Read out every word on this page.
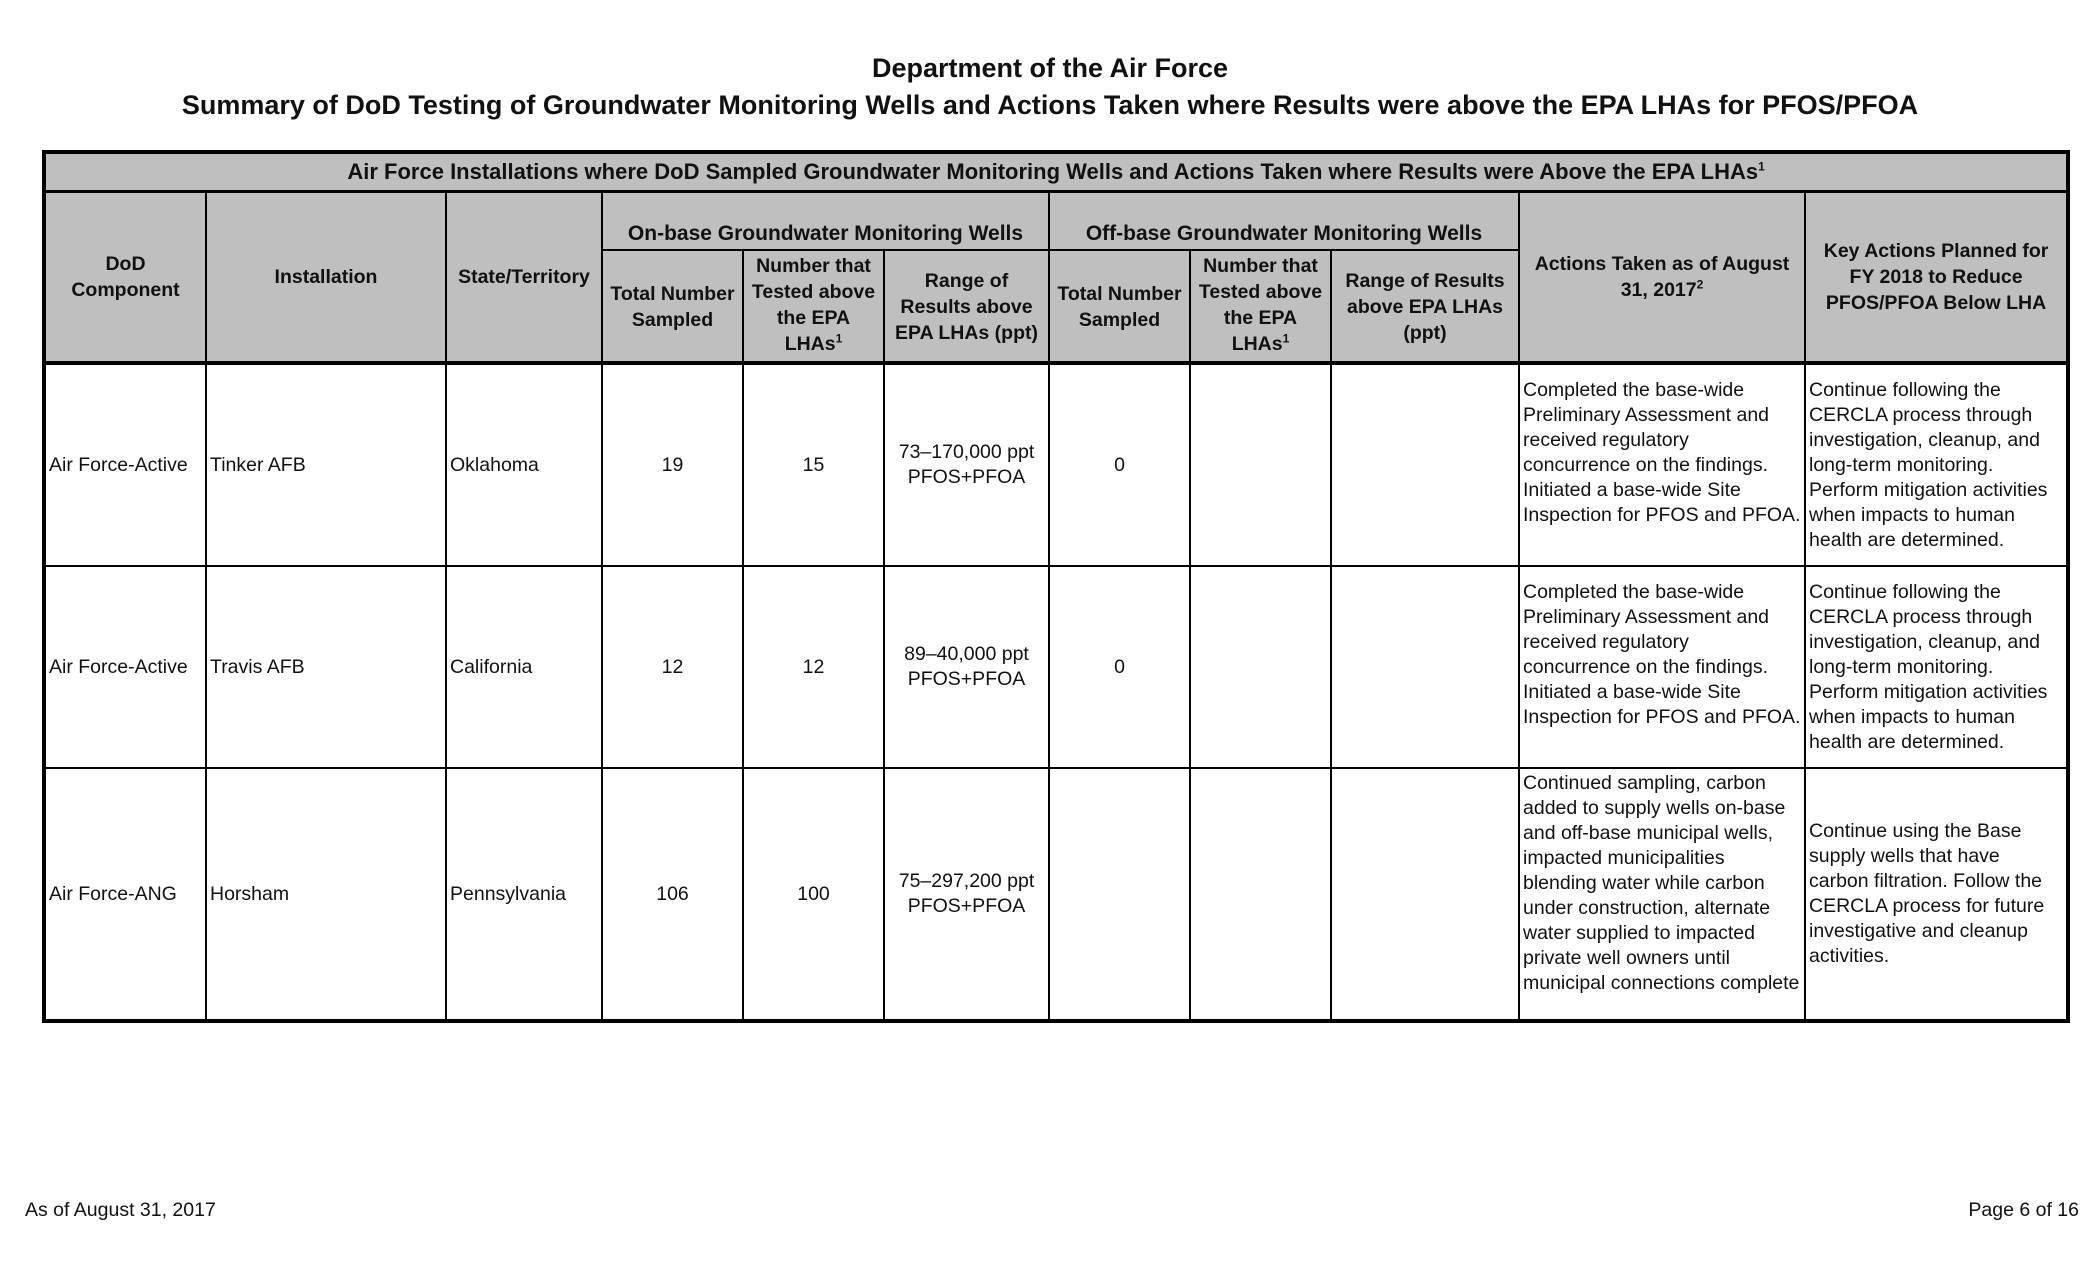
Department of the Air Force
Summary of DoD Testing of Groundwater Monitoring Wells and Actions Taken where Results were above the EPA LHAs for PFOS/PFOA
Air Force Installations where DoD Sampled Groundwater Monitoring Wells and Actions Taken where Results were Above the EPA LHAs$^1$
DoD Component	Installation	State/Territory	On-base Groundwater Monitoring Wells			Off-base Groundwater Monitoring Wells			Actions Taken as of August 31, 2017$^2$	Key Actions Planned for FY 2018 to Reduce PFOS/PFOA Below LHA
			Total Number Sampled	Number that Tested above the EPA LHAs$^1$	Range of Results above EPA LHAs (ppt)	Total Number Sampled	Number that Tested above the EPA LHAs$^1$	Range of Results above EPA LHAs (ppt)		
Air Force-Active	Tinker AFB	Oklahoma	19	15	73–170,000 ppt PFOS+PFOA	0			Completed the base-wide Preliminary Assessment and received regulatory concurrence on the findings. Initiated a base-wide Site Inspection for PFOS and PFOA.	Continue following the CERCLA process through investigation, cleanup, and long-term monitoring. Perform mitigation activities when impacts to human health are determined.
Air Force-Active	Travis AFB	California	12	12	89–40,000 ppt PFOS+PFOA	0			Completed the base-wide Preliminary Assessment and received regulatory concurrence on the findings. Initiated a base-wide Site Inspection for PFOS and PFOA.	Continue following the CERCLA process through investigation, cleanup, and long-term monitoring. Perform mitigation activities when impacts to human health are determined.
Air Force-ANG	Horsham	Pennsylvania	106	100	75–297,200 ppt PFOS+PFOA				Continued sampling, carbon added to supply wells on-base and off-base municipal wells, impacted municipalities blending water while carbon under construction, alternate water supplied to impacted private well owners until municipal connections complete	Continue using the Base supply wells that have carbon filtration. Follow the CERCLA process for future investigative and cleanup activities.
As of August 31, 2017	Page 6 of 16
